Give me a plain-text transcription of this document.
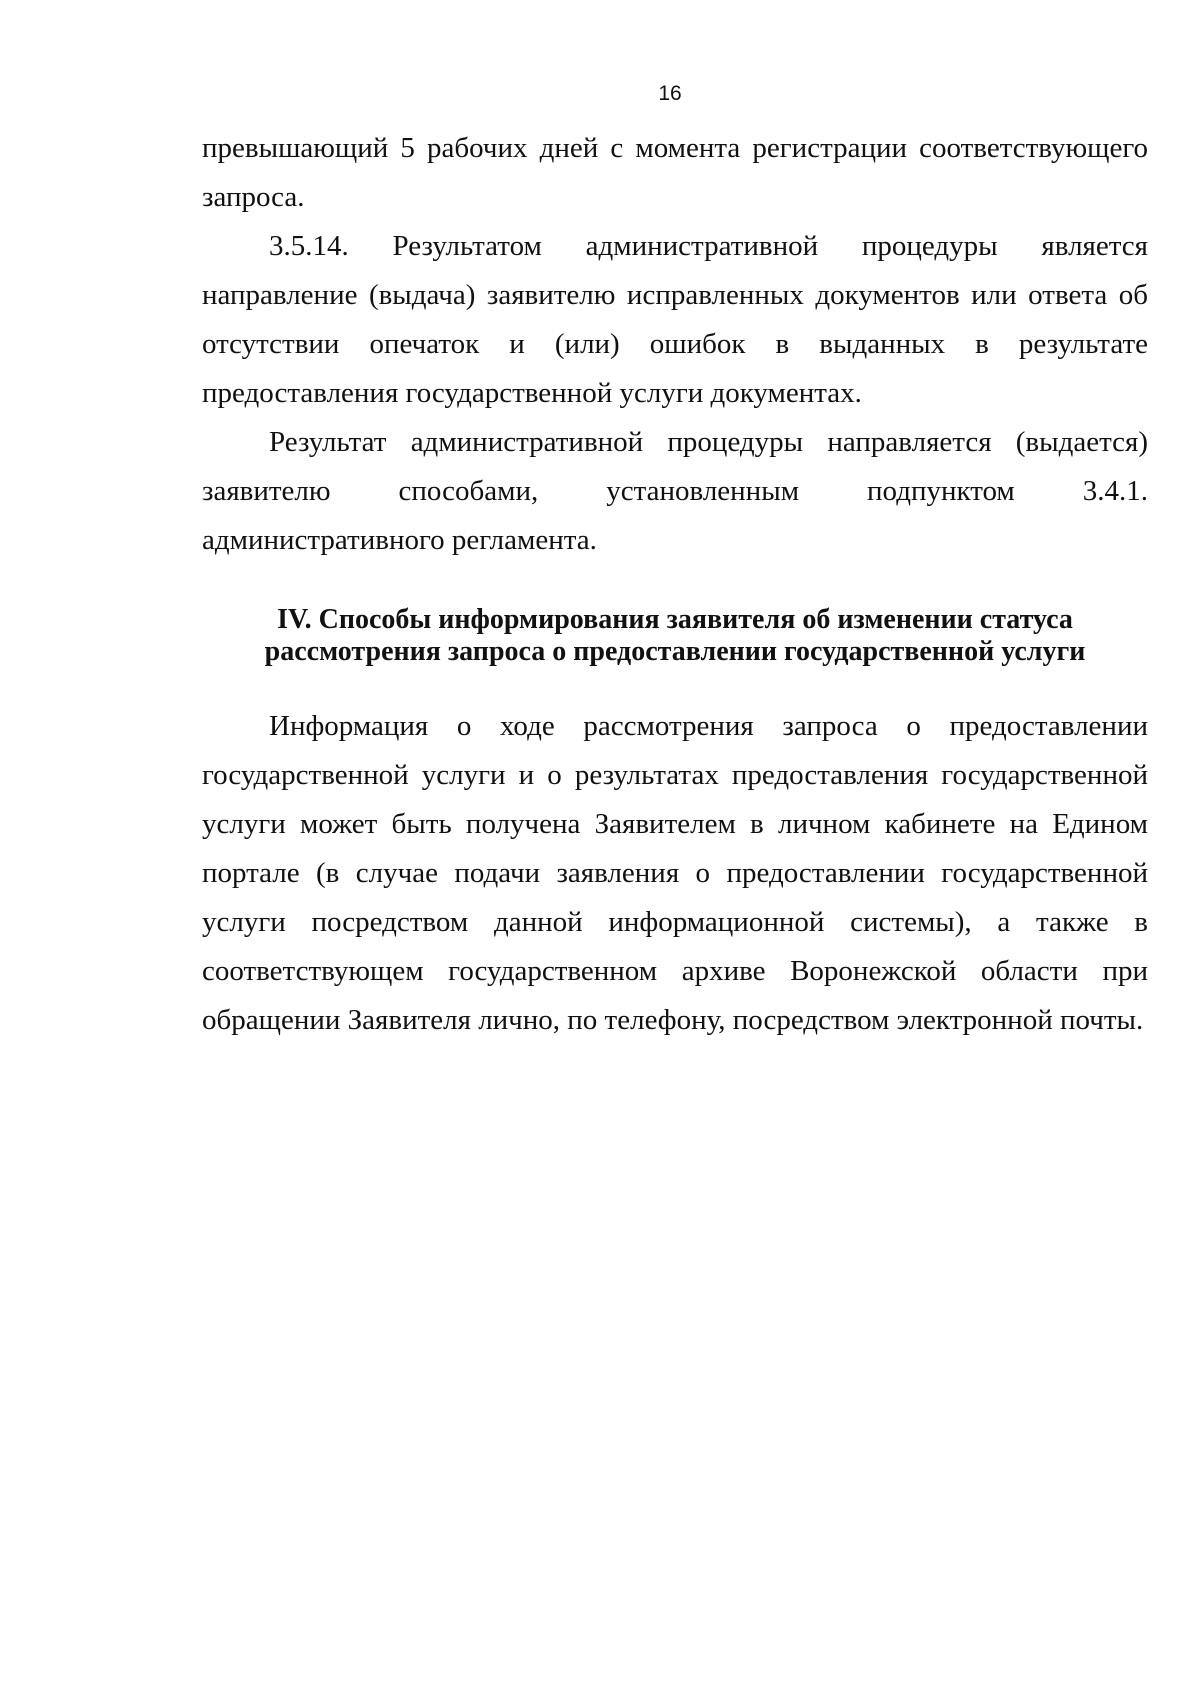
16

превышающий 5 рабочих дней с момента регистрации соответствующего запроса.

3.5.14. Результатом административной процедуры является направление (выдача) заявителю исправленных документов или ответа об отсутствии опечаток и (или) ошибок в выданных в результате предоставления государственной услуги документах.

Результат административной процедуры направляется (выдается) заявителю способами, установленным подпунктом 3.4.1. административного регламента.

IV. Способы информирования заявителя об изменении статуса
рассмотрения запроса о предоставлении государственной услуги

Информация о ходе рассмотрения запроса о предоставлении государственной услуги и о результатах предоставления государственной услуги может быть получена Заявителем в личном кабинете на Едином портале (в случае подачи заявления о предоставлении государственной услуги посредством данной информационной системы), а также в соответствующем государственном архиве Воронежской области при обращении Заявителя лично, по телефону, посредством электронной почты.
